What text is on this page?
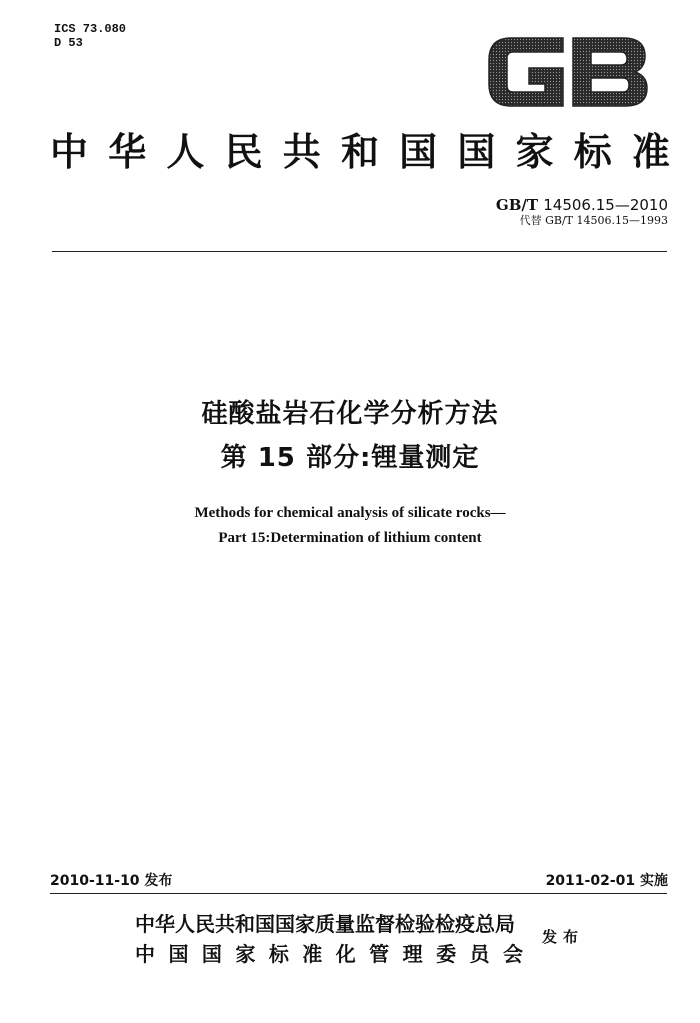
ICS 73.080
D 53
中 华 人 民 共 和 国 国 家 标 准
GB/T 14506.15—2010
代替 GB/T 14506.15—1993
硅酸盐岩石化学分析方法
第 15 部分:锂量测定
Methods for chemical analysis of silicate rocks—
Part 15:Determination of lithium content
2010-11-10 发布	2011-02-01 实施
中华人民共和国国家质量监督检验检疫总局
中 国 国 家 标 准 化 管 理 委 员 会
发布
